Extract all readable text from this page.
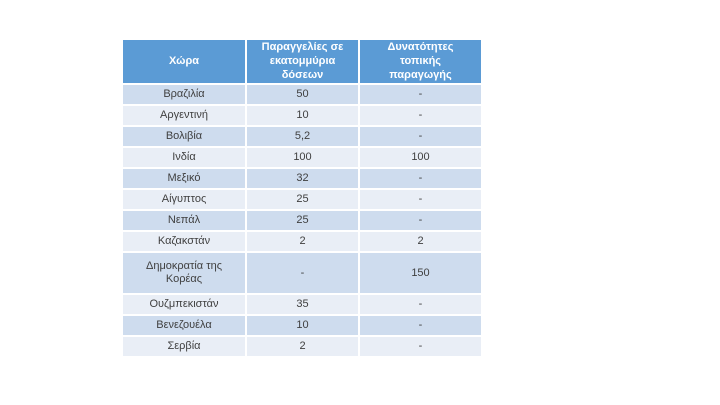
Χώρα	Παραγγελίες σε εκατομμύρια δόσεων	Δυνατότητες τοπικής παραγωγής
Βραζιλία	50	-
Αργεντινή	10	-
Βολιβία	5,2	-
Ινδία	100	100
Μεξικό	32	-
Αίγυπτος	25	-
Νεπάλ	25	-
Καζακστάν	2	2
Δημοκρατία της Κορέας	-	150
Ουζμπεκιστάν	35	-
Βενεζουέλα	10	-
Σερβία	2	-
